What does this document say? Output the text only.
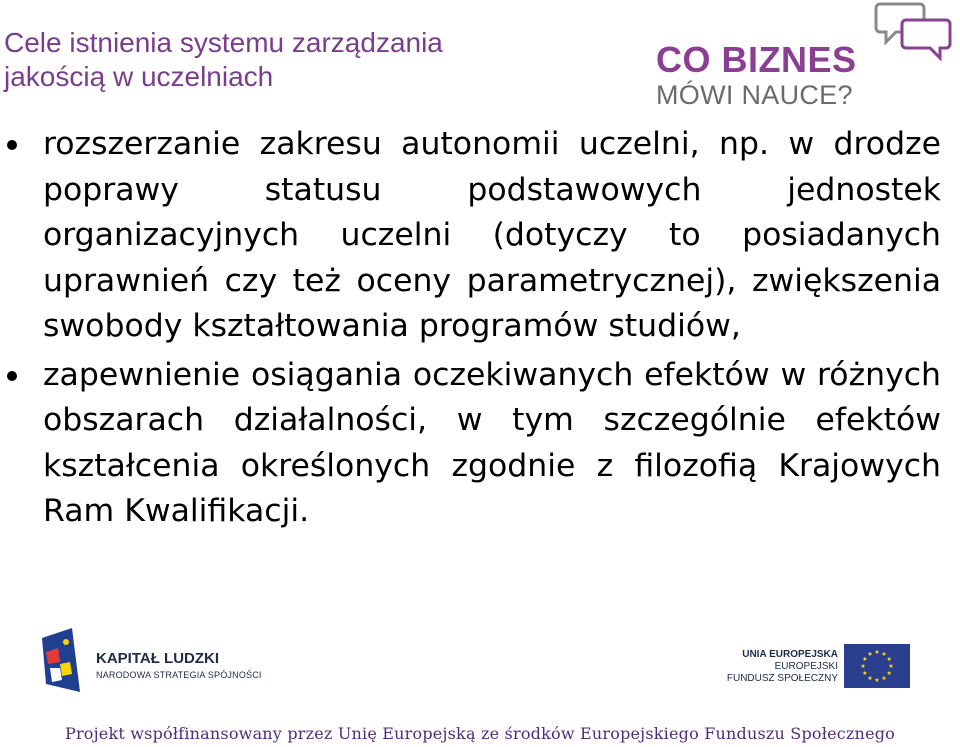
Cele istnienia systemu zarządzania
jakością w uczelniach	CO BIZNES
MÓWI NAUCE?
rozszerzanie zakresu autonomii uczelni, np. w drodze poprawy statusu podstawowych jednostek organizacyjnych uczelni (dotyczy to posiadanych uprawnień czy też oceny parametrycznej), zwiększenia swobody kształtowania programów studiów,
zapewnienie osiągania oczekiwanych efektów w różnych obszarach działalności, w tym szczególnie efektów kształcenia określonych zgodnie z filozofią Krajowych Ram Kwalifikacji.
KAPITAŁ LUDZKI
NARODOWA STRATEGIA SPÓJNOŚCI
UNIA EUROPEJSKA
EUROPEJSKI
FUNDUSZ SPOŁECZNY
Projekt współfinansowany przez Unię Europejską ze środków Europejskiego Funduszu Społecznego
